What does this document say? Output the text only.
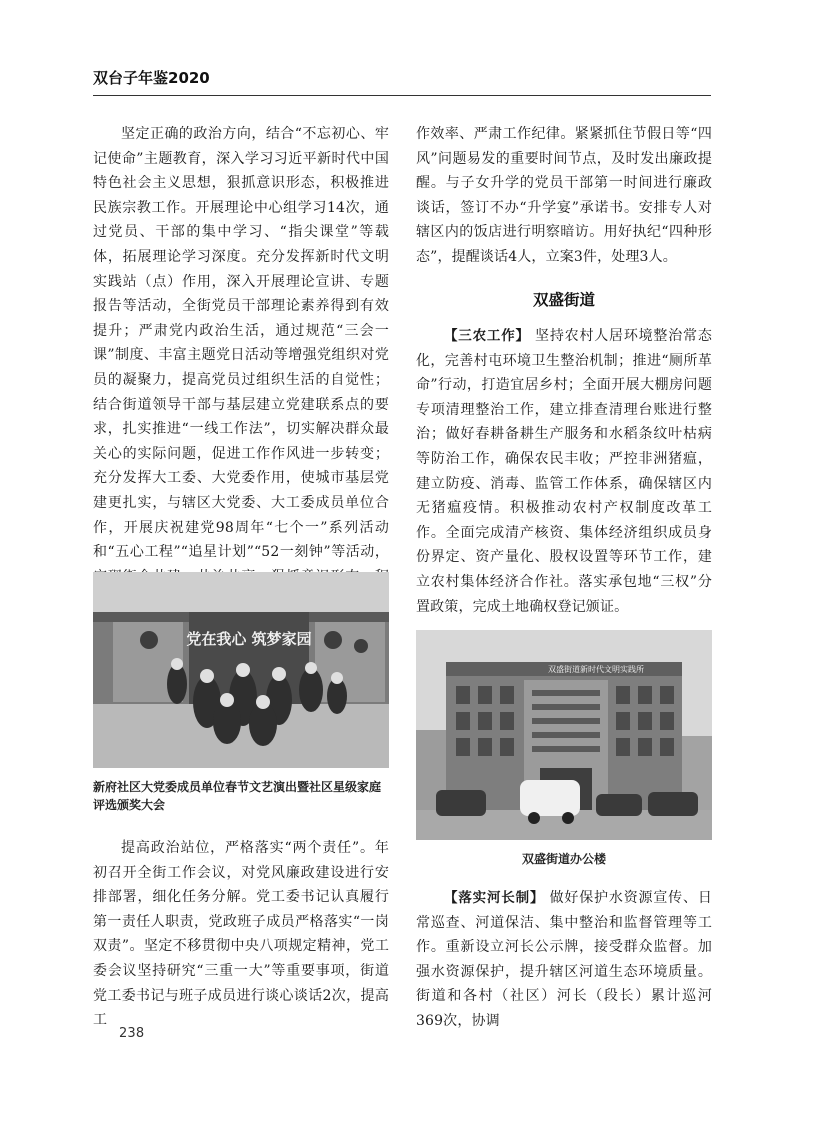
双台子年鉴2020

坚定正确的政治方向，结合“不忘初心、牢记使命”主题教育，深入学习习近平新时代中国特色社会主义思想，狠抓意识形态，积极推进民族宗教工作。开展理论中心组学习14次，通过党员、干部的集中学习、“指尖课堂”等载体，拓展理论学习深度。充分发挥新时代文明实践站（点）作用，深入开展理论宣讲、专题报告等活动，全街党员干部理论素养得到有效提升；严肃党内政治生活，通过规范“三会一课”制度、丰富主题党日活动等增强党组织对党员的凝聚力，提高党员过组织生活的自觉性；结合街道领导干部与基层建立党建联系点的要求，扎实推进“一线工作法”，切实解决群众最关心的实际问题，促进工作作风进一步转变；充分发挥大工委、大党委作用，使城市基层党建更扎实，与辖区大党委、大工委成员单位合作，开展庆祝建党98周年“七个一”系列活动和“五心工程”“追星计划”“52一刻钟”等活动，

党在我心 筑梦家园
新府社区大党委成员单位春节文艺演出暨社区星级家庭评选颁奖大会

提高政治站位，严格落实“两个责任”。年初召开全街工作会议，对党风廉政建设进行安排部署，细化任务分解。党工委书记认真履行第一责任人职责，党政班子成员严格落实“一岗双责”。坚定不移贯彻中央八项规定精神，党工委会议坚持研究“三重一大”等重要事项，街道党工委书记与班子成员进行谈心谈话2次，提高工

作效率、严肃工作纪律。紧紧抓住节假日等“四风”问题易发的重要时间节点，及时发出廉政提醒。与子女升学的党员干部第一时间进行廉政谈话，签订不办“升学宴”承诺书。安排专人对辖区内的饭店进行明察暗访。用好执纪“四种形态”，提醒谈话4人，立案3件，处理3人。

双盛街道

【三农工作】 坚持农村人居环境整治常态化，完善村屯环境卫生整治机制；推进“厕所革命”行动，打造宜居乡村；全面开展大棚房问题专项清理整治工作，建立排查清理台账进行整治；做好春耕备耕生产服务和水稻条纹叶枯病等防治工作，确保农民丰收；严控非洲猪瘟，建立防疫、消毒、监管工作体系，确保辖区内无猪瘟疫情。积极推动农村产权制度改革工作。全面完成清产核资、集体经济组织成员身份界定、资产量化、股权设置等环节工作，建立农村集体经济合作社。落实承包地“三权”分置政策，完成土地确权登记颁证。

双盛街道新时代文明实践所
双盛街道办公楼

【落实河长制】 做好保护水资源宣传、日常巡查、河道保洁、集中整治和监督管理等工作。重新设立河长公示牌，接受群众监督。加强水资源保护，提升辖区河道生态环境质量。街道和各村（社区）河长（段长）累计巡河369次，协调

238
